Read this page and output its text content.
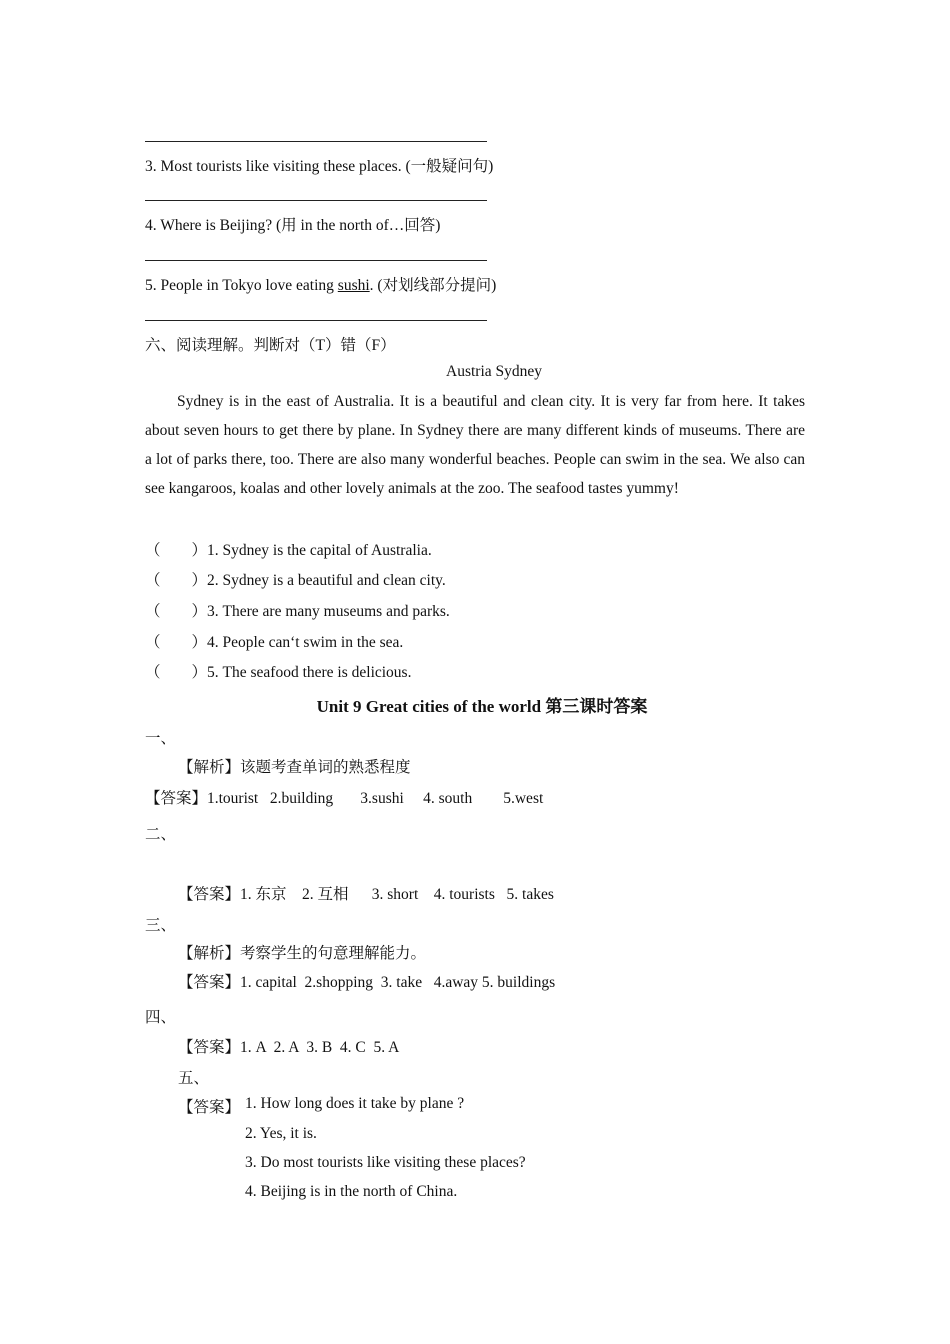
3. Most tourists like visiting these places. (一般疑问句)
4. Where is Beijing? (用 in the north of…回答)
5. People in Tokyo love eating sushi. (对划线部分提问)
六、阅读理解。判断对（T）错（F）
Austria Sydney
Sydney is in the east of Australia. It is a beautiful and clean city. It is very far from here. It takes about seven hours to get there by plane. In Sydney there are many different kinds of museums. There are a lot of parks there, too. There are also many wonderful beaches. People can swim in the sea. We also can see kangaroos, koalas and other lovely animals at the zoo. The seafood tastes yummy!
（　　）1. Sydney is the capital of Australia.
（　　）2. Sydney is a beautiful and clean city.
（　　）3. There are many museums and parks.
（　　）4. People can‘t swim in the sea.
（　　）5. The seafood there is delicious.
Unit 9 Great cities of the world 第三课时答案
一、
【解析】该题考查单词的熟悉程度
【答案】1.tourist   2.building       3.sushi     4. south        5.west
二、
【答案】1. 东京    2. 互相      3. short    4. tourists   5. takes
三、
【解析】考察学生的句意理解能力。
【答案】1. capital  2.shopping  3. take   4.away 5. buildings
四、
【答案】1. A  2. A  3. B  4. C  5. A
五、
【答案】 1. How long does it take by plane ?
2. Yes, it is.
3. Do most tourists like visiting these places?
4. Beijing is in the north of China.
